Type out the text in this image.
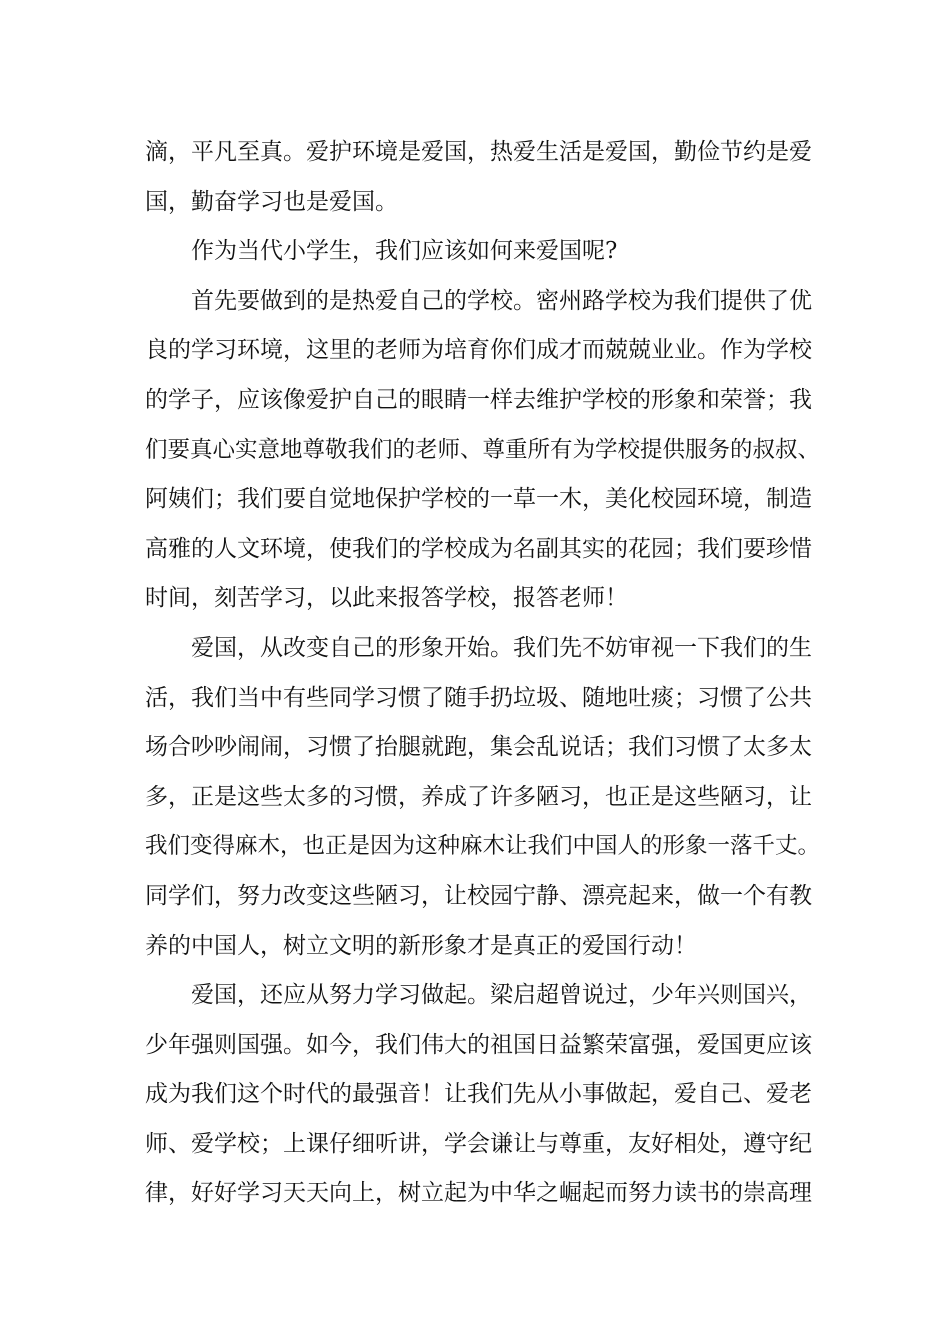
滴，平凡至真。爱护环境是爱国，热爱生活是爱国，勤俭节约是爱
国，勤奋学习也是爱国。
作为当代小学生，我们应该如何来爱国呢?
首先要做到的是热爱自己的学校。密州路学校为我们提供了优
良的学习环境，这里的老师为培育你们成才而兢兢业业。作为学校
的学子，应该像爱护自己的眼睛一样去维护学校的形象和荣誉；我
们要真心实意地尊敬我们的老师、尊重所有为学校提供服务的叔叔、
阿姨们；我们要自觉地保护学校的一草一木，美化校园环境，制造
高雅的人文环境，使我们的学校成为名副其实的花园；我们要珍惜
时间，刻苦学习，以此来报答学校，报答老师！
爱国，从改变自己的形象开始。我们先不妨审视一下我们的生
活，我们当中有些同学习惯了随手扔垃圾、随地吐痰；习惯了公共
场合吵吵闹闹，习惯了抬腿就跑，集会乱说话；我们习惯了太多太
多，正是这些太多的习惯，养成了许多陋习，也正是这些陋习，让
我们变得麻木，也正是因为这种麻木让我们中国人的形象一落千丈。
同学们，努力改变这些陋习，让校园宁静、漂亮起来，做一个有教
养的中国人，树立文明的新形象才是真正的爱国行动！
爱国，还应从努力学习做起。梁启超曾说过，少年兴则国兴，
少年强则国强。如今，我们伟大的祖国日益繁荣富强，爱国更应该
成为我们这个时代的最强音！让我们先从小事做起，爱自己、爱老
师、爱学校；上课仔细听讲，学会谦让与尊重，友好相处，遵守纪
律，好好学习天天向上，树立起为中华之崛起而努力读书的崇高理
